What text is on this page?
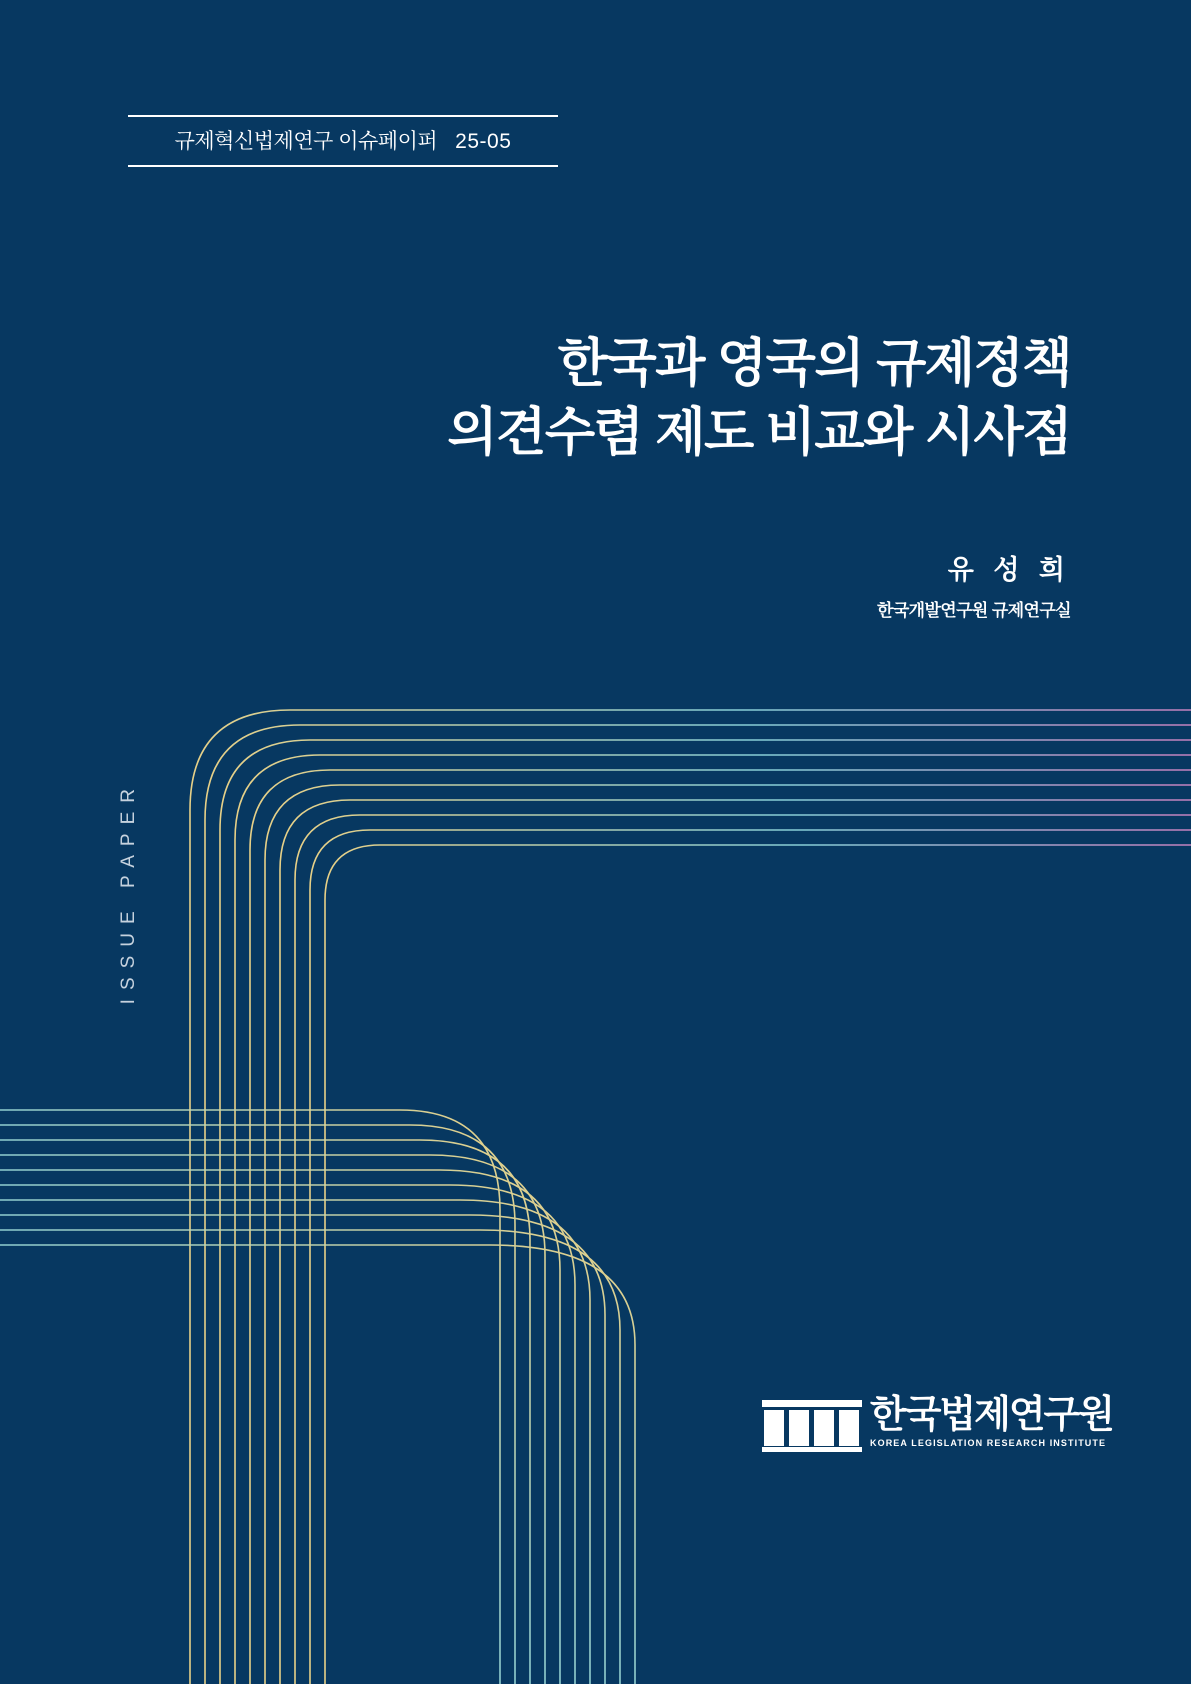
규제혁신법제연구 이슈페이퍼 25-05
한국과 영국의 규제정책
의견수렴 제도 비교와 시사점
유 성 희
한국개발연구원 규제연구실
ISSUE PAPER
한국법제연구원
KOREA LEGISLATION RESEARCH INSTITUTE
